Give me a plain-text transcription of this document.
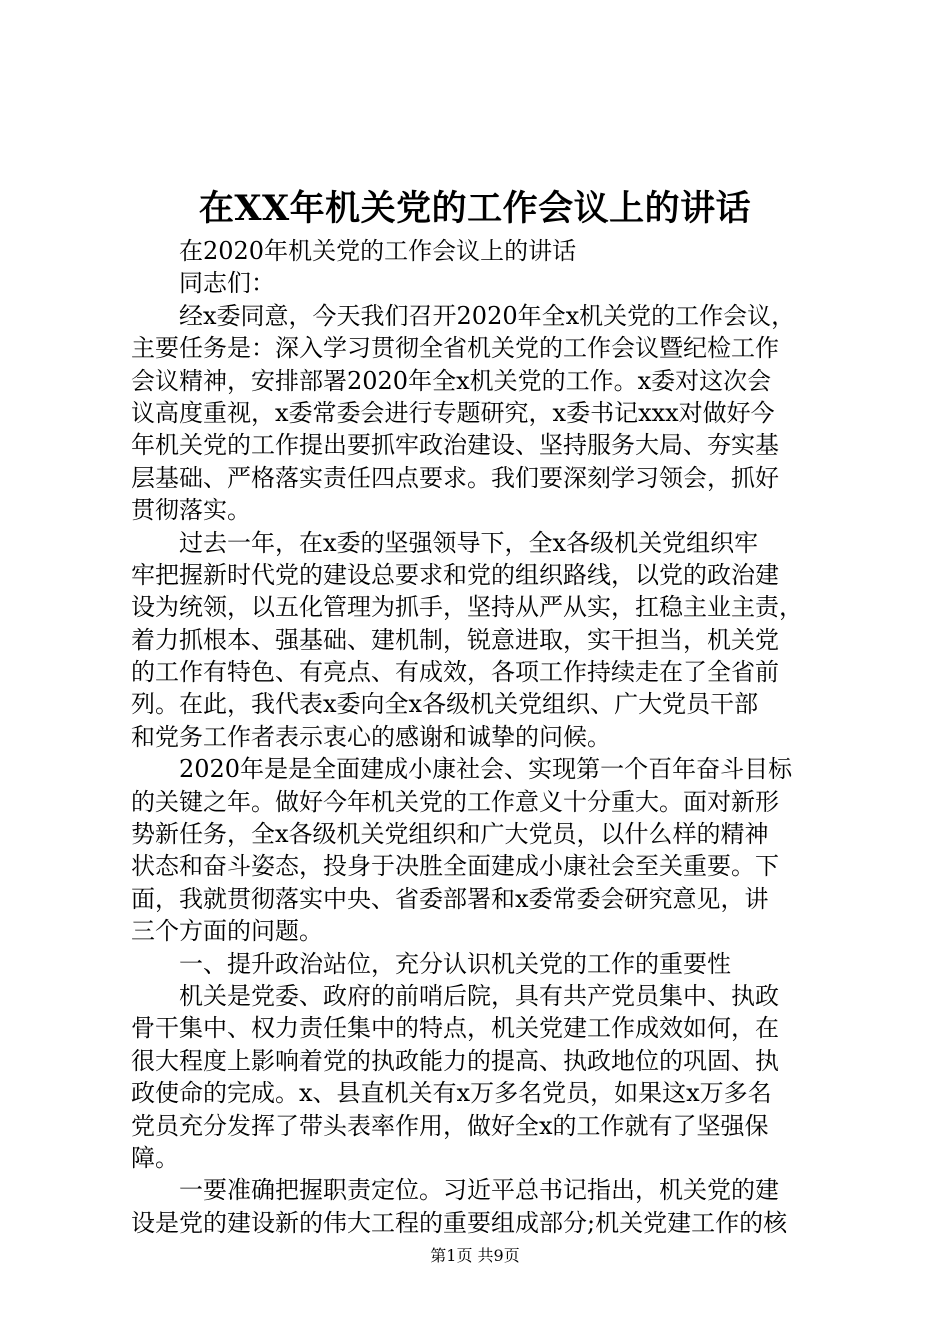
在XX年机关党的工作会议上的讲话
在2020年机关党的工作会议上的讲话
同志们：
经x委同意，今天我们召开2020年全x机关党的工作会议，
主要任务是：深入学习贯彻全省机关党的工作会议暨纪检工作
会议精神，安排部署2020年全x机关党的工作。x委对这次会
议高度重视，x委常委会进行专题研究，x委书记xxx对做好今
年机关党的工作提出要抓牢政治建设、坚持服务大局、夯实基
层基础、严格落实责任四点要求。我们要深刻学习领会，抓好
贯彻落实。
过去一年，在x委的坚强领导下，全x各级机关党组织牢
牢把握新时代党的建设总要求和党的组织路线，以党的政治建
设为统领，以五化管理为抓手，坚持从严从实，扛稳主业主责，
着力抓根本、强基础、建机制，锐意进取，实干担当，机关党
的工作有特色、有亮点、有成效，各项工作持续走在了全省前
列。在此，我代表x委向全x各级机关党组织、广大党员干部
和党务工作者表示衷心的感谢和诚挚的问候。
2020年是是全面建成小康社会、实现第一个百年奋斗目标
的关键之年。做好今年机关党的工作意义十分重大。面对新形
势新任务，全x各级机关党组织和广大党员，以什么样的精神
状态和奋斗姿态，投身于决胜全面建成小康社会至关重要。下
面，我就贯彻落实中央、省委部署和x委常委会研究意见，讲
三个方面的问题。
一、提升政治站位，充分认识机关党的工作的重要性
机关是党委、政府的前哨后院，具有共产党员集中、执政
骨干集中、权力责任集中的特点，机关党建工作成效如何，在
很大程度上影响着党的执政能力的提高、执政地位的巩固、执
政使命的完成。x、县直机关有x万多名党员，如果这x万多名
党员充分发挥了带头表率作用，做好全x的工作就有了坚强保
障。
一要准确把握职责定位。习近平总书记指出，机关党的建
设是党的建设新的伟大工程的重要组成部分;机关党建工作的核
第1页 共9页
